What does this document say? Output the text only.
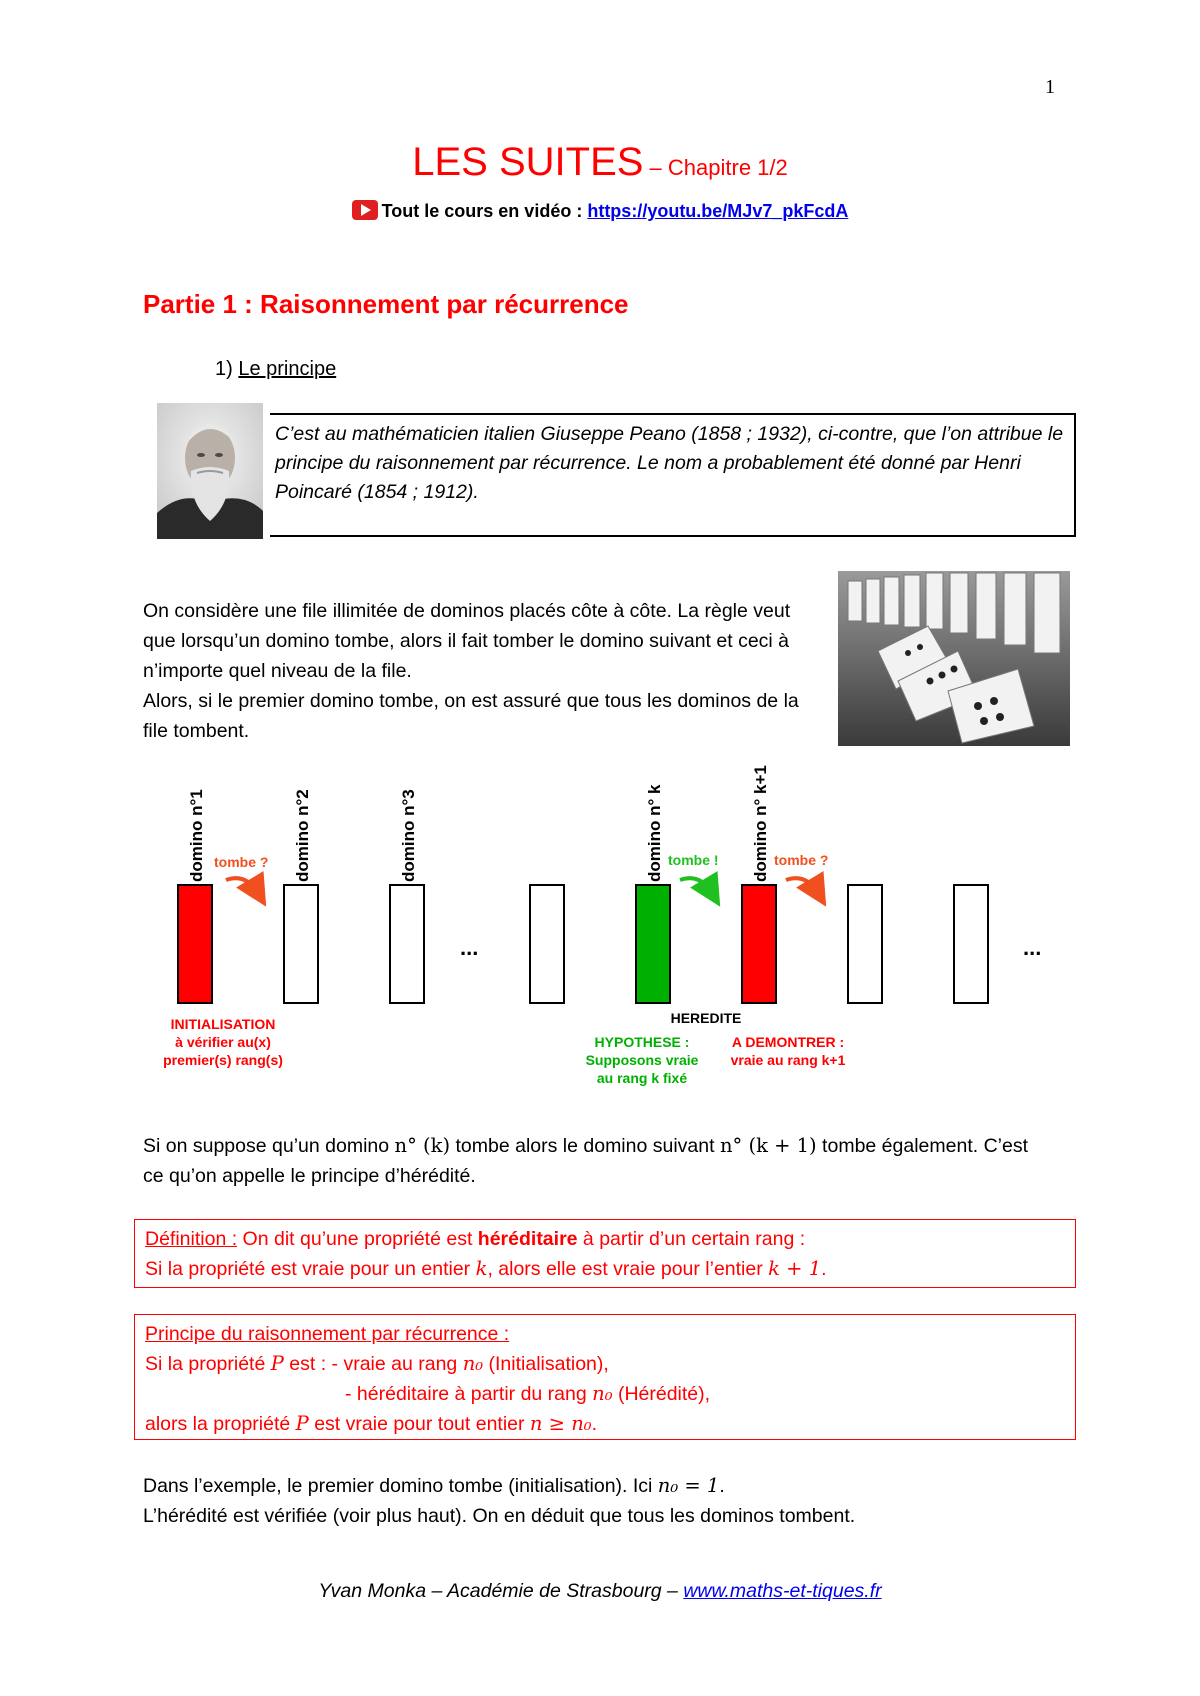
1
LES SUITES – Chapitre 1/2
Tout le cours en vidéo : https://youtu.be/MJv7_pkFcdA
Partie 1 : Raisonnement par récurrence
1) Le principe
C’est au mathématicien italien Giuseppe Peano (1858 ; 1932), ci-contre, que l’on attribue le principe du raisonnement par récurrence. Le nom a probablement été donné par Henri Poincaré (1854 ; 1912).
On considère une file illimitée de dominos placés côte à côte. La règle veut que lorsqu’un domino tombe, alors il fait tomber le domino suivant et ceci à n’importe quel niveau de la file.
Alors, si le premier domino tombe, on est assuré que tous les dominos de la file tombent.
domino n°1	domino n°2	domino n°3	domino n° k	domino n° k+1
tombe ?	tombe !	tombe ?
...	...
INITIALISATION
à vérifier au(x)
premier(s) rang(s)
HEREDITE
HYPOTHESE :
Supposons vraie
au rang k fixé
A DEMONTRER :
vraie au rang k+1
Si on suppose qu’un domino n° (k) tombe alors le domino suivant n° (k + 1) tombe également. C’est ce qu’on appelle le principe d’hérédité.
Définition : On dit qu’une propriété est héréditaire à partir d’un certain rang :
Si la propriété est vraie pour un entier k, alors elle est vraie pour l’entier k + 1.
Principe du raisonnement par récurrence :
Si la propriété P est : - vraie au rang n₀ (Initialisation),
- héréditaire à partir du rang n₀ (Hérédité),
alors la propriété P est vraie pour tout entier n ≥ n₀.
Dans l’exemple, le premier domino tombe (initialisation). Ici n₀ = 1.
L’hérédité est vérifiée (voir plus haut). On en déduit que tous les dominos tombent.
Yvan Monka – Académie de Strasbourg – www.maths-et-tiques.fr
